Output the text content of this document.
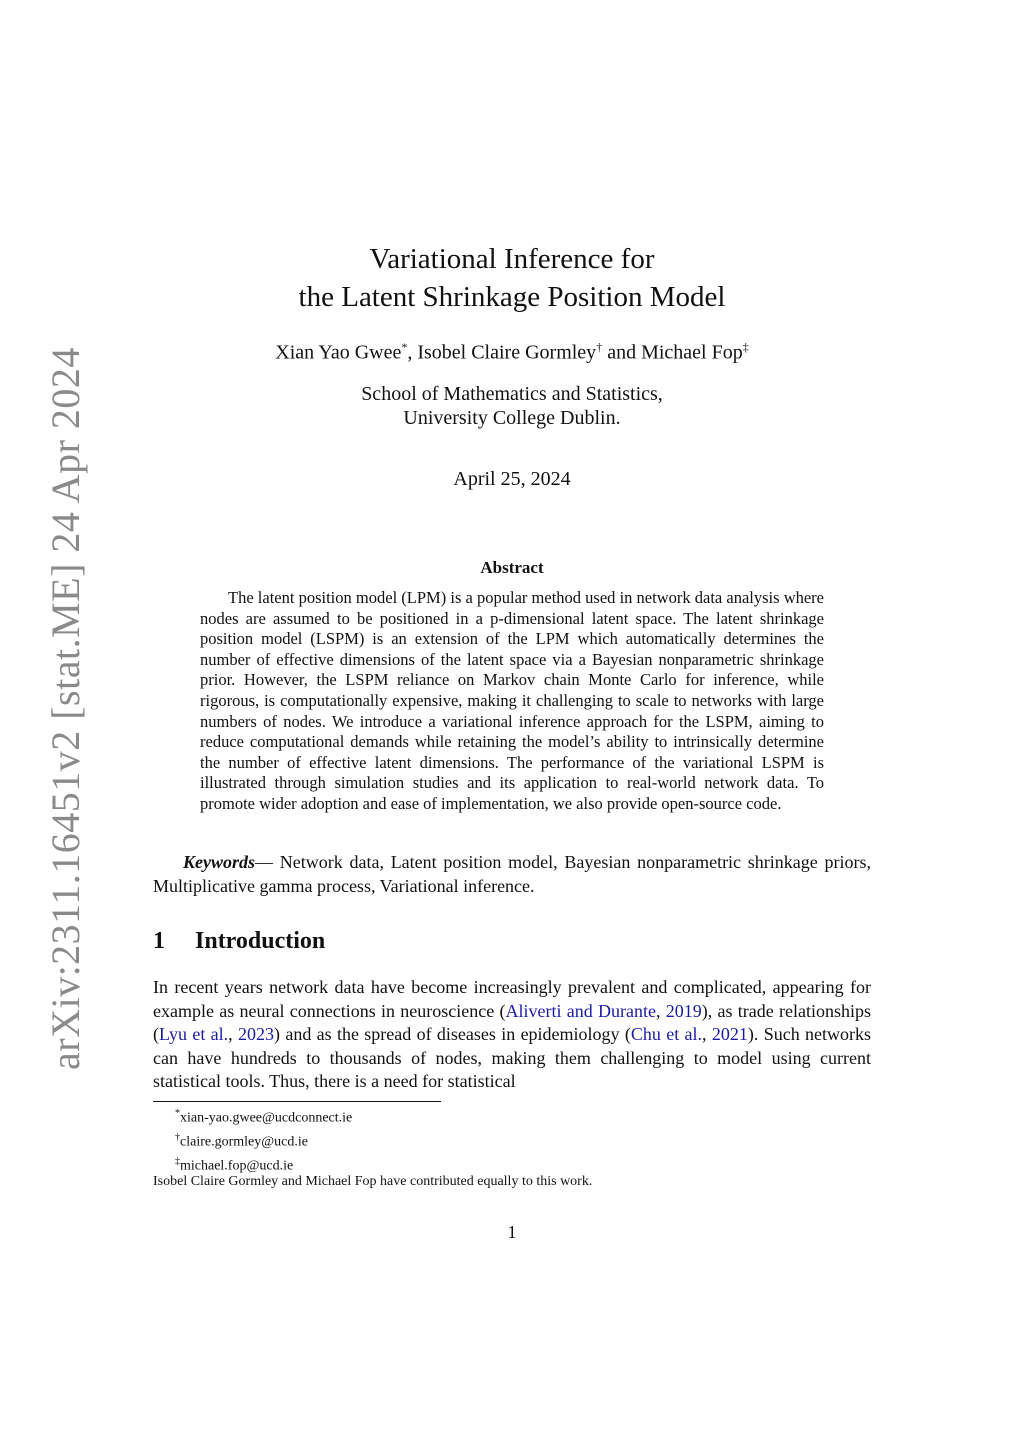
arXiv:2311.16451v2 [stat.ME] 24 Apr 2024
Variational Inference for
the Latent Shrinkage Position Model
Xian Yao Gwee*, Isobel Claire Gormley† and Michael Fop‡
School of Mathematics and Statistics,
University College Dublin.
April 25, 2024
Abstract
The latent position model (LPM) is a popular method used in network data analysis where nodes are assumed to be positioned in a p-dimensional latent space. The latent shrinkage position model (LSPM) is an extension of the LPM which automatically determines the number of effective dimensions of the latent space via a Bayesian nonparametric shrinkage prior. However, the LSPM reliance on Markov chain Monte Carlo for inference, while rigorous, is computationally expensive, making it challenging to scale to networks with large numbers of nodes. We introduce a variational inference approach for the LSPM, aiming to reduce computational demands while retaining the model’s ability to intrinsically determine the number of effective latent dimensions. The performance of the variational LSPM is illustrated through simulation studies and its application to real-world network data. To promote wider adoption and ease of implementation, we also provide open-source code.
Keywords— Network data, Latent position model, Bayesian nonparametric shrinkage priors, Multiplicative gamma process, Variational inference.
1 Introduction
In recent years network data have become increasingly prevalent and complicated, appearing for example as neural connections in neuroscience (Aliverti and Durante, 2019), as trade relationships (Lyu et al., 2023) and as the spread of diseases in epidemiology (Chu et al., 2021). Such networks can have hundreds to thousands of nodes, making them challenging to model using current statistical tools. Thus, there is a need for statistical
*xian-yao.gwee@ucdconnect.ie
†claire.gormley@ucd.ie
‡michael.fop@ucd.ie
Isobel Claire Gormley and Michael Fop have contributed equally to this work.
1
